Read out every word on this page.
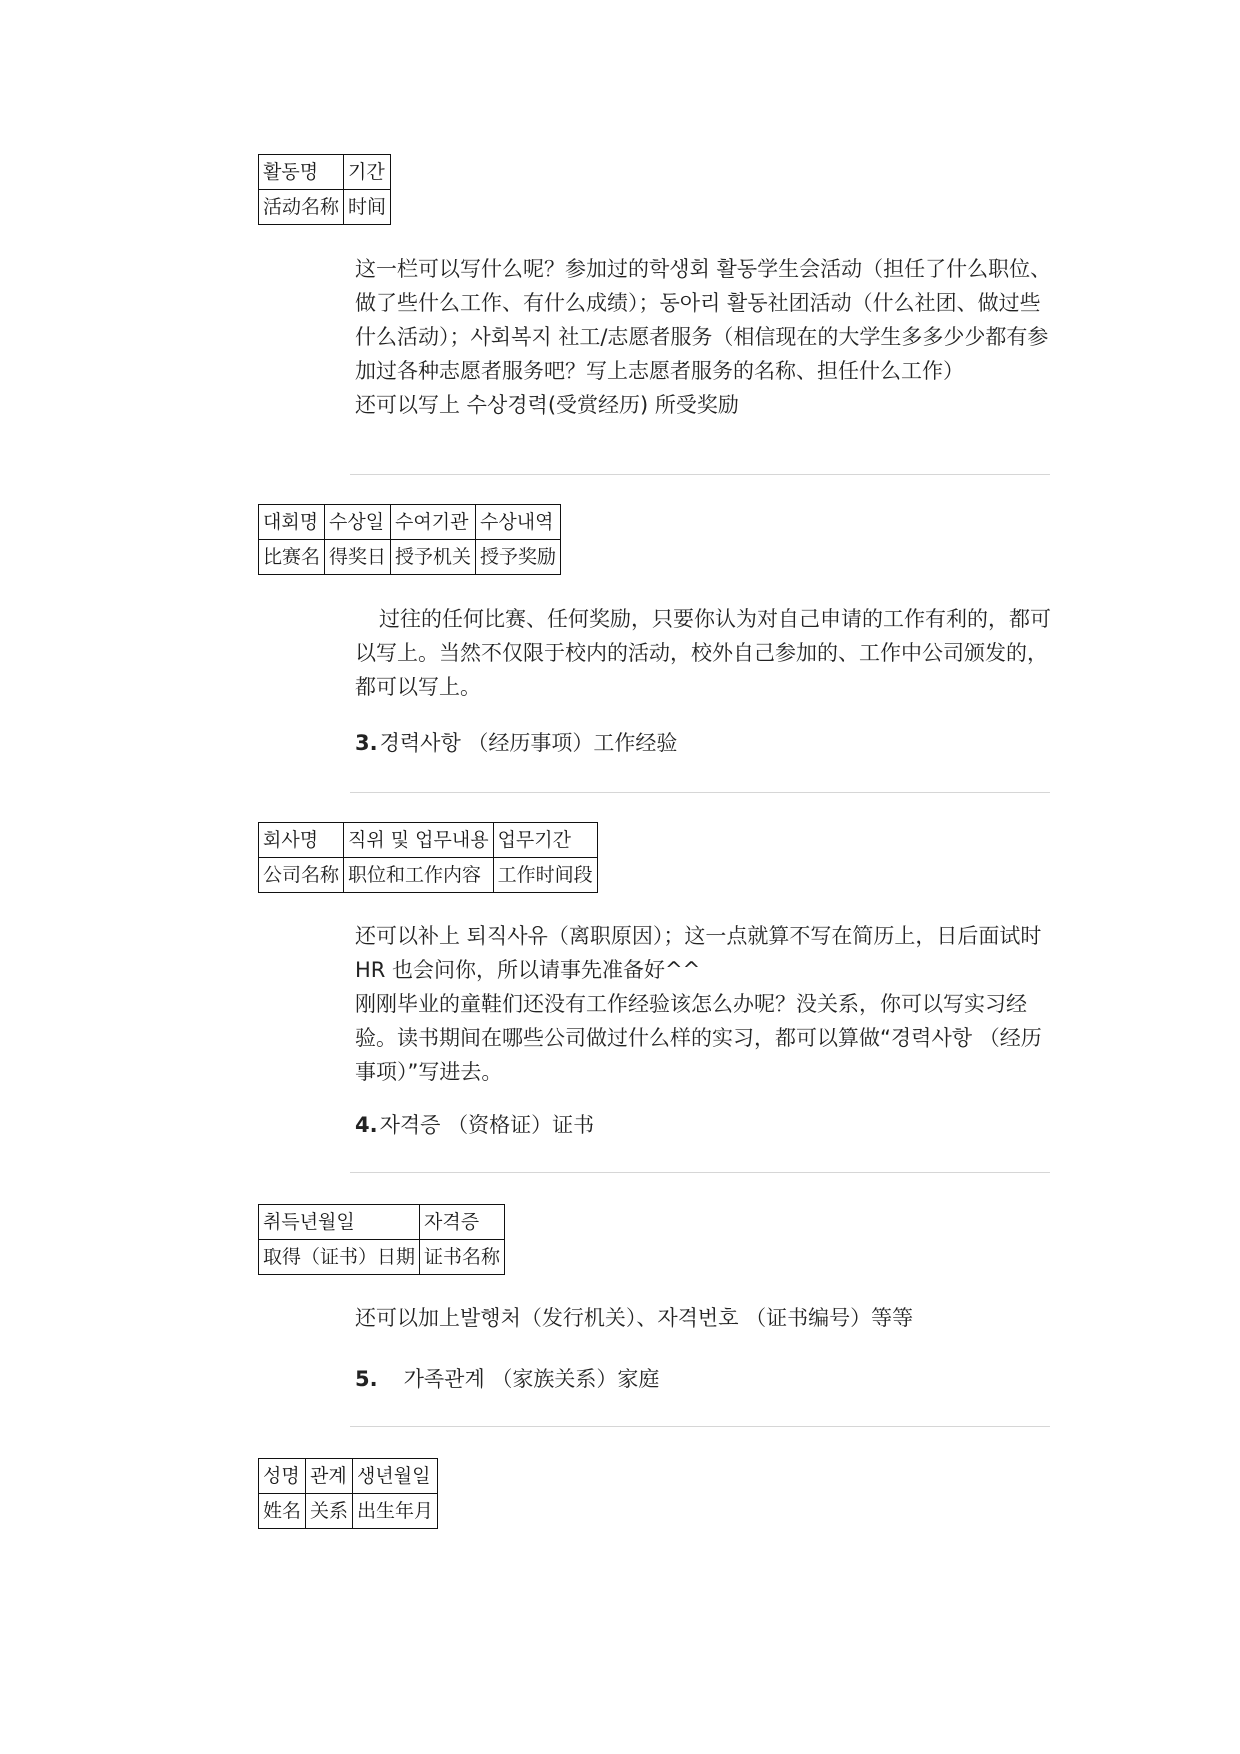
활동명	기간
活动名称	时间

这一栏可以写什么呢？参加过的학생회 활동学生会活动（担任了什么职位、做了些什么工作、有什么成绩）；동아리 활동社团活动（什么社团、做过些什么活动）；사회복지 社工/志愿者服务（相信现在的大学生多多少少都有参加过各种志愿者服务吧？写上志愿者服务的名称、担任什么工作）

还可以写上 수상경력(受赏经历) 所受奖励

대회명	수상일	수여기관	수상내역
比赛名	得奖日	授予机关	授予奖励

过往的任何比赛、任何奖励，只要你认为对自己申请的工作有利的，都可以写上。当然不仅限于校内的活动，校外自己参加的、工作中公司颁发的，都可以写上。

3.경력사항 （经历事项）工作经验
회사명	직위 및 업무내용	업무기간
公司名称	职位和工作内容	工作时间段

还可以补上 퇴직사유（离职原因）；这一点就算不写在简历上，日后面试时 HR 也会问你，所以请事先准备好^^

刚刚毕业的童鞋们还没有工作经验该怎么办呢？没关系，你可以写实习经验。读书期间在哪些公司做过什么样的实习，都可以算做“경력사항 （经历事项）”写进去。

4.자격증 （资格证）证书
취득년월일	자격증
取得（证书）日期	证书名称

还可以加上발행처（发行机关）、자격번호 （证书编号）等等

5. 가족관계 （家族关系）家庭
성명	관계	생년월일
姓名	关系	出生年月
